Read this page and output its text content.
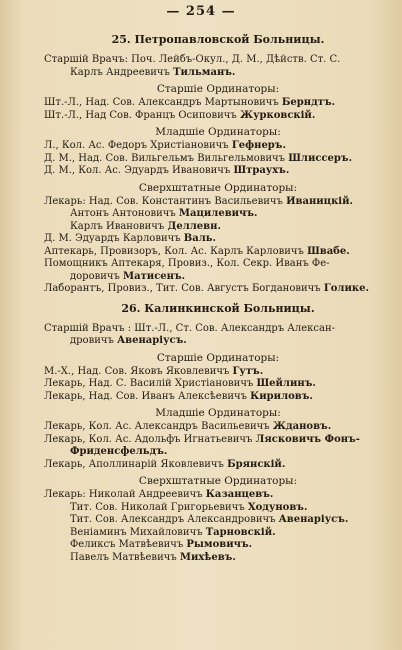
— 254 —
25. Петропавловской Больницы.
Старшій Врачъ: Поч. Лейбъ-Окул., Д. М., Дѣйств. Ст. С.
Карлъ Андреевичъ Тильманъ.
Старшіе Ординаторы:
Шт.-Л., Над. Сов. Александръ Мартыновичъ Берндтъ.
Шт.-Л., Над Сов. Францъ Осиповичъ Журковскій.
Младшіе Ординаторы:
Л., Кол. Ас. Федоръ Христіановичъ Гефнеръ.
Д. М., Над. Сов. Вильгельмъ Вильгельмовичъ Шлиссеръ.
Д. М., Кол. Ас. Эдуардъ Ивановичъ Штраухъ.
Сверхштатные Ординаторы:
Лекарь: Над. Сов. Константинъ Васильевичъ Иваницкій.
Антонъ Антоновичъ Мацилевичъ.
Карлъ Ивановичъ Деллевн.
Д. М. Эдуардъ Карловичъ Валь.
Аптекарь, Провизоръ, Кол. Ас. Карлъ Карловичъ Швабе.
Помощникъ Аптекаря, Провиз., Кол. Секр. Иванъ Фе-
доровичъ Матисенъ.
Лаборантъ, Провиз., Тит. Сов. Августъ Богдановичъ Голике.
26. Калинкинской Больницы.
Старшій Врачъ : Шт.-Л., Ст. Сов. Александръ Алексан-
дровичъ Авенаріусъ.
Старшіе Ординаторы:
М.-Х., Над. Сов. Яковъ Яковлевичъ Гутъ.
Лекарь, Над. С. Василій Христіановичъ Шейлинъ.
Лекарь, Над. Сов. Иванъ Алексѣевичъ Кириловъ.
Младшіе Ординаторы:
Лекарь, Кол. Ас. Александръ Васильевичъ Ждановъ.
Лекарь, Кол. Ас. Адольфъ Игнатьевичъ Лясковичъ Фонъ-
Фриденсфельдъ.
Лекарь, Аполлинарій Яковлевичъ Брянскій.
Сверхштатные Ординаторы:
Лекарь: Николай Андреевичъ Казанцевъ.
Тит. Сов. Николай Григорьевичъ Ходуновъ.
Тит. Сов. Александръ Александровичъ Авенаріусъ.
Веніаминъ Михайловичъ Тарновскій.
Феликсъ Матвѣевичъ Рымовичъ.
Павелъ Матвѣевичъ Михѣевъ.
